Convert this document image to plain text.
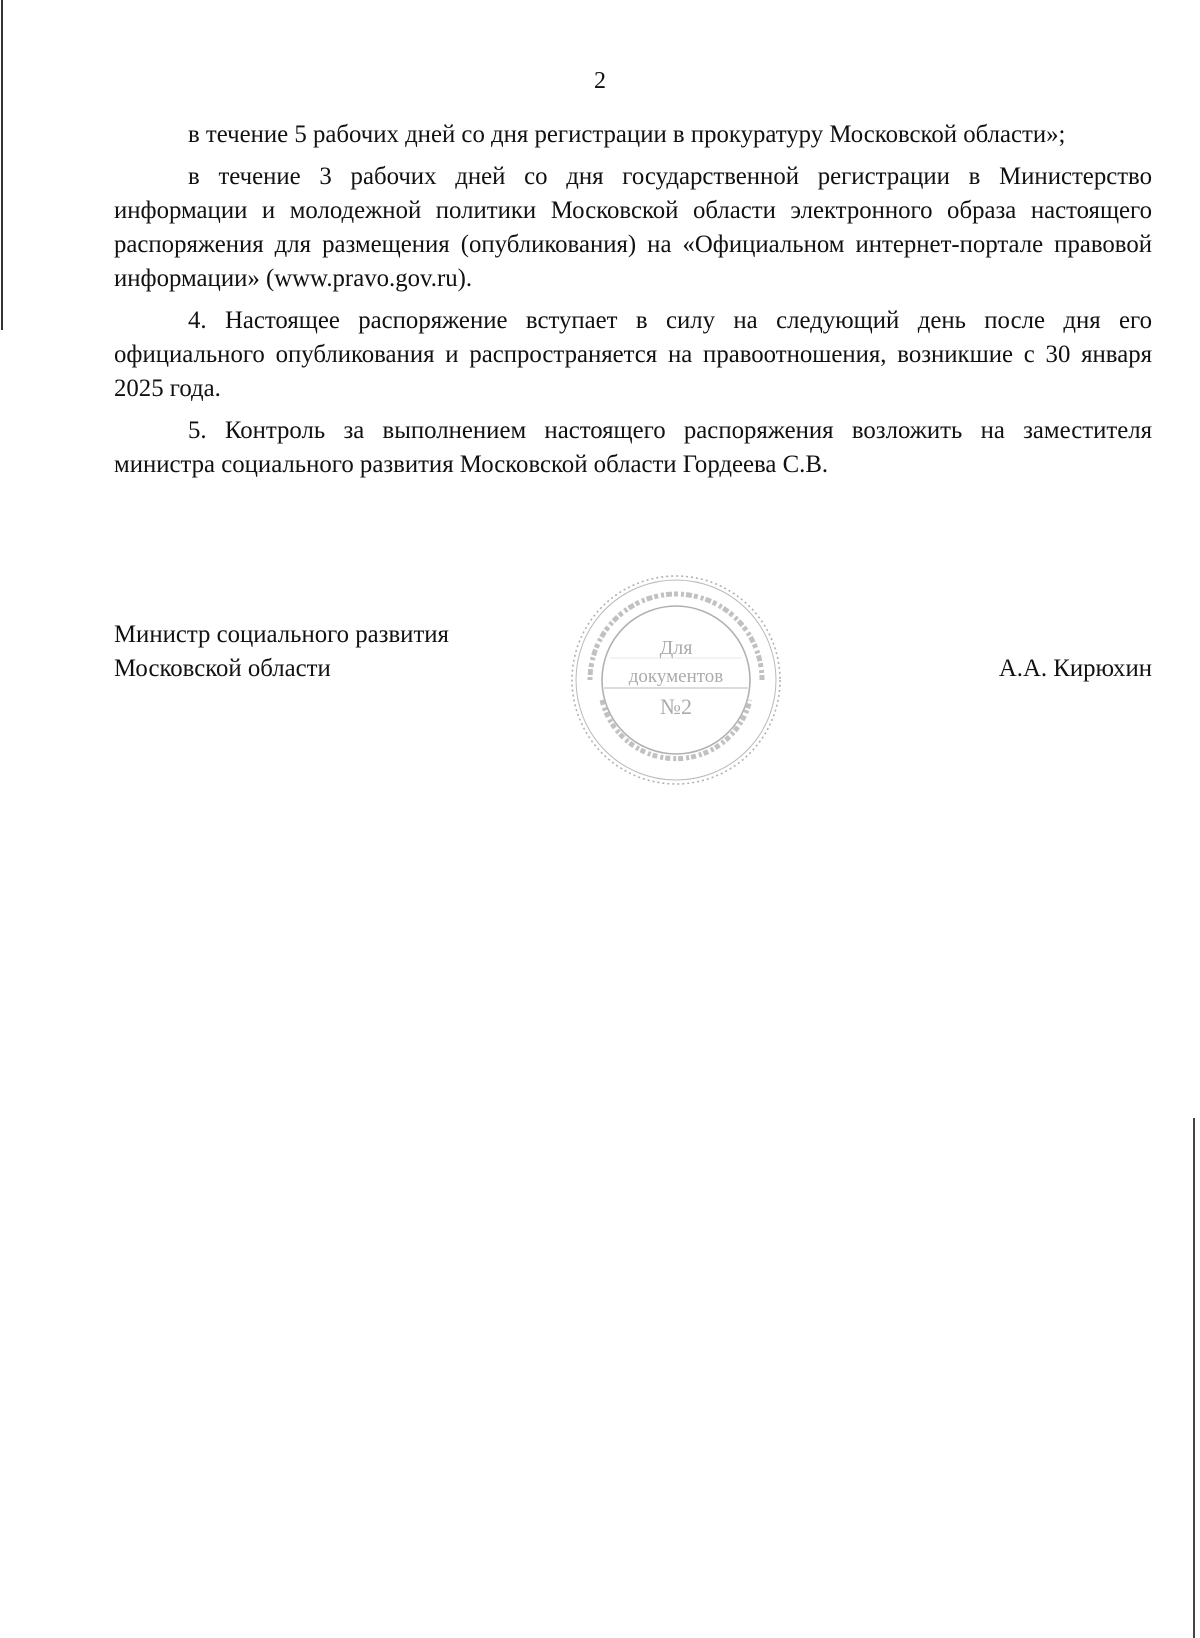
2

в течение 5 рабочих дней со дня регистрации в прокуратуру Московской области»;

в течение 3 рабочих дней со дня государственной регистрации в Министерство информации и молодежной политики Московской области электронного образа настоящего распоряжения для размещения (опубликования) на «Официальном интернет-портале правовой информации» (www.pravo.gov.ru).

4. Настоящее распоряжение вступает в силу на следующий день после дня его официального опубликования и распространяется на правоотношения, возникшие с 30 января 2025 года.

5. Контроль за выполнением настоящего распоряжения возложить на заместителя министра социального развития Московской области Гордеева С.В.

Министр социального развития
Московской области	А.А. Кирюхин
Для
документов
№2
